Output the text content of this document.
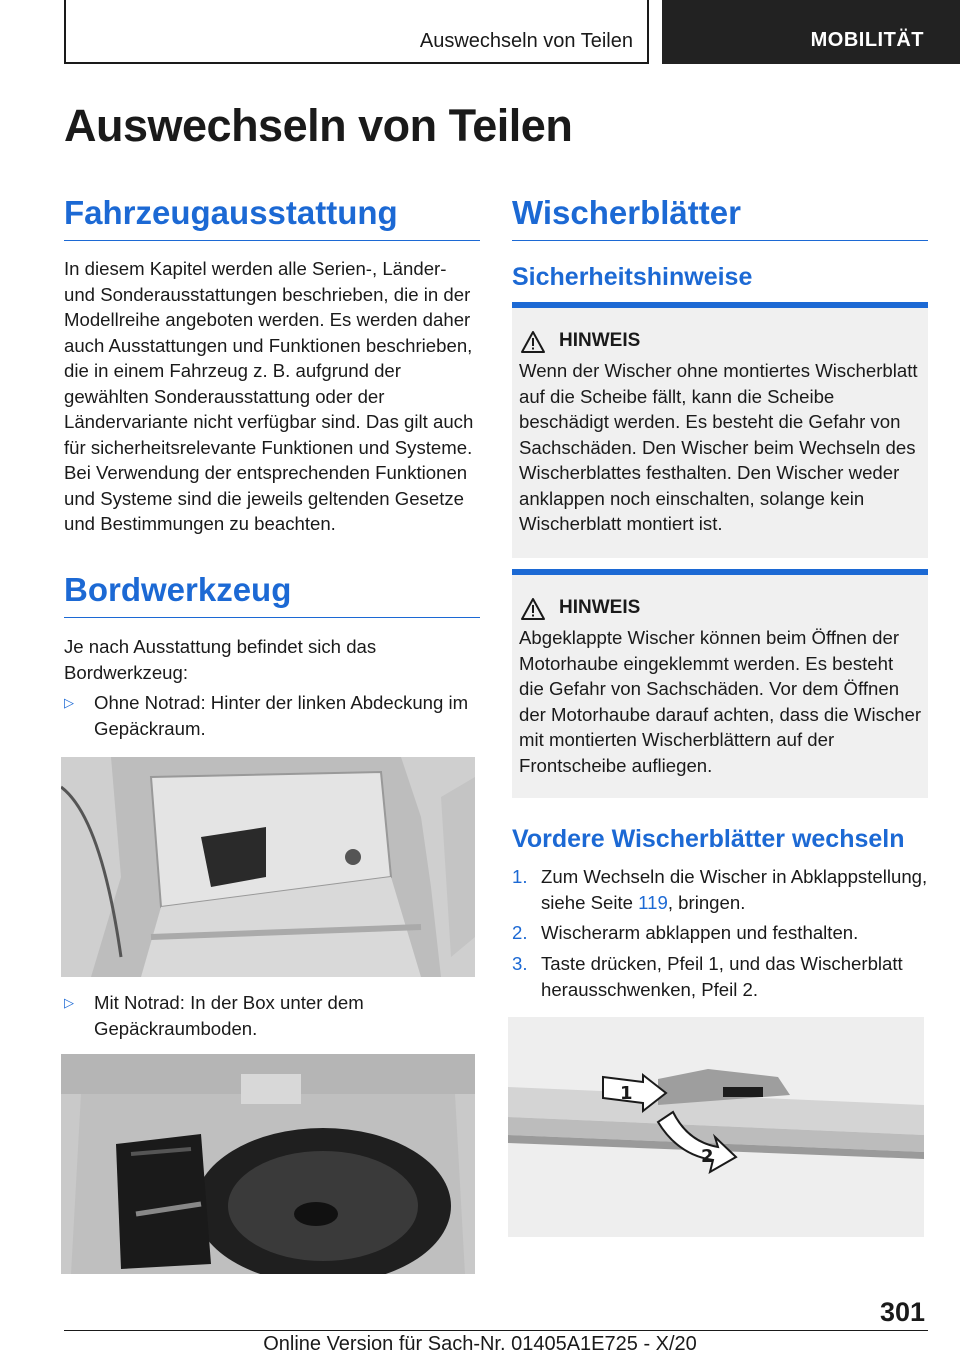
Auswechseln von Teilen	MOBILITÄT
Auswechseln von Teilen
Fahrzeugausstattung

In diesem Kapitel werden alle Serien-, Länder- und Sonderausstattungen beschrieben, die in der Modellreihe angeboten werden. Es werden daher auch Ausstattungen und Funktionen beschrieben, die in einem Fahrzeug z. B. aufgrund der gewählten Sonderausstattung oder der Ländervariante nicht verfügbar sind. Das gilt auch für sicherheitsrelevante Funktionen und Systeme. Bei Verwendung der entsprechenden Funktionen und Systeme sind die jeweils geltenden Gesetze und Bestimmungen zu beachten.

Bordwerkzeug

Je nach Ausstattung befindet sich das Bordwerkzeug:

▷ Ohne Notrad: Hinter der linken Abdeckung im Gepäckraum.
▷ Mit Notrad: In der Box unter dem Gepäckraumboden.
Wischerblätter
Sicherheitshinweise
HINWEIS
Wenn der Wischer ohne montiertes Wischerblatt auf die Scheibe fällt, kann die Scheibe beschädigt werden. Es besteht die Gefahr von Sachschäden. Den Wischer beim Wechseln des Wischerblattes festhalten. Den Wischer weder anklappen noch einschalten, solange kein Wischerblatt montiert ist.
HINWEIS
Abgeklappte Wischer können beim Öffnen der Motorhaube eingeklemmt werden. Es besteht die Gefahr von Sachschäden. Vor dem Öffnen der Motorhaube darauf achten, dass die Wischer mit montierten Wischerblättern auf der Frontscheibe aufliegen.
Vordere Wischerblätter wechseln
1. Zum Wechseln die Wischer in Abklappstellung, siehe Seite 119, bringen.
2. Wischerarm abklappen und festhalten.
3. Taste drücken, Pfeil 1, und das Wischerblatt herausschwenken, Pfeil 2.
1
2
301
Online Version für Sach-Nr. 01405A1E725 - X/20
